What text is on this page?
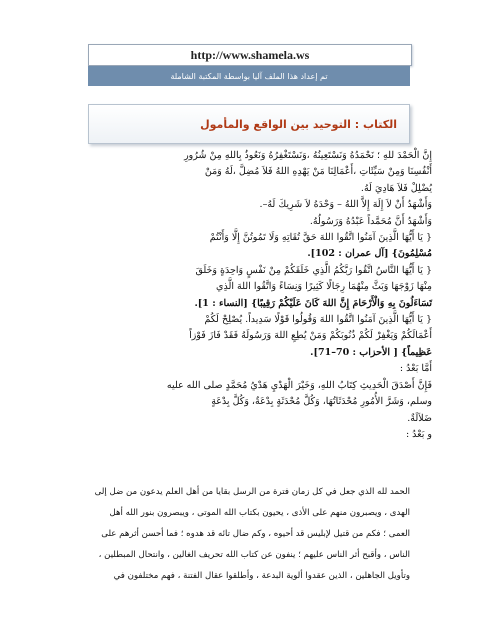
http://www.shamela.ws
تم إعداد هذا الملف آليا بواسطة المكتبة الشاملة
الكتاب : التوحيد بين الواقع والمأمول

إِنَّ الْحَمْدَ للهِ ؛ نَحْمَدُهُ وَنَسْتَعِينُهُ ،وَنَسْتَغْفِرُهُ وَنَعُوذُ بِاللهِ مِنْ شُرُورِ

أَنْفُسِنَا وَمِنْ سَيِّئَاتِ ،أَعْمَالِنَا مَنْ يَهْدِهِ اللهُ فَلاَ مُضِلَّ ،لَهُ وَمَنْ

يُضْلِلْ فَلاَ هَادِيَ لَهُ.

وَأَشْهَدُ أَنْ لاَ إِلَهَ إِلاَّ اللهُ – وَحْدَهُ لاَ شَرِيكَ لَهُ–.

وَأَشْهَدُ أَنَّ مُحَمَّداً عَبْدُهُ وَرَسُولُهُ.

{ يَا أَيُّهَا الَّذِينَ آمَنُوا اتَّقُوا اللهَ حَقَّ تُقَاتِهِ وَلَا تَمُوتُنَّ إِلَّا وَأَنْتُمْ

مُسْلِمُونَ} [آل عمران : 102].

{ يَا أَيُّهَا النَّاسُ اتَّقُوا رَبَّكُمُ الَّذِي خَلَقَكُمْ مِنْ نَفْسٍ وَاحِدَةٍ وَخَلَقَ

مِنْهَا زَوْجَهَا وَبَثَّ مِنْهُمَا رِجَالًا كَثِيرًا وَنِسَاءً وَاتَّقُوا اللهَ الَّذِي

تَسَاءَلُونَ بِهِ وَالْأَرْحَامَ إِنَّ اللهَ كَانَ عَلَيْكُمْ رَقِيبًا} [النساء : 1].

{ يَا أَيُّهَا الَّذِينَ آمَنُوا اتَّقُوا اللهَ وَقُولُوا قَوْلًا سَدِيداً. يُصْلِحْ لَكُمْ

أَعْمَالَكُمْ وَيَغْفِرْ لَكُمْ ذُنُوبَكُمْ وَمَنْ يُطِعِ اللهَ وَرَسُولَهُ فَقَدْ فَازَ فَوْزاً

عَظِيماً} [ الأحزاب : 70–71].

أَمَّا بَعْدُ :

فَإِنَّ أَصْدَقَ الْحَدِيثِ كِتَابُ اللهِ، وَخَيْرَ الْهَدْيِ هَدْيُ مُحَمَّدٍ صلى الله عليه

وسلم، وَشَرَّ الأُمُورِ مُحْدَثَاتُهَا، وَكُلَّ مُحْدَثَةٍ بِدْعَةٌ، وَكُلَّ بِدْعَةٍ

ضَلاَلَةٌ.

و بَعْدُ :

الحمد لله الذي جعل في كل زمان فترة من الرسل بقايا من أهل العلم يدعون من ضل إلى

الهدى ، ويصبرون منهم على الأذى ، يحيون بكتاب الله الموتى ، ويبصرون بنور الله أهل

العمى ؛ فكم من قتيل لإبليس قد أحيوه ، وكم ضال تائه قد هدوه ؛ فما أحسن أثرهم على

الناس ، وأقبح أثر الناس عليهم ؛ ينفون عن كتاب الله تحريف الغالين ، وانتحال المبطلين ،

وتأويل الجاهلين ، الذين عقدوا ألوية البدعة ، وأطلقوا عقال الفتنة ، فهم مختلفون في
